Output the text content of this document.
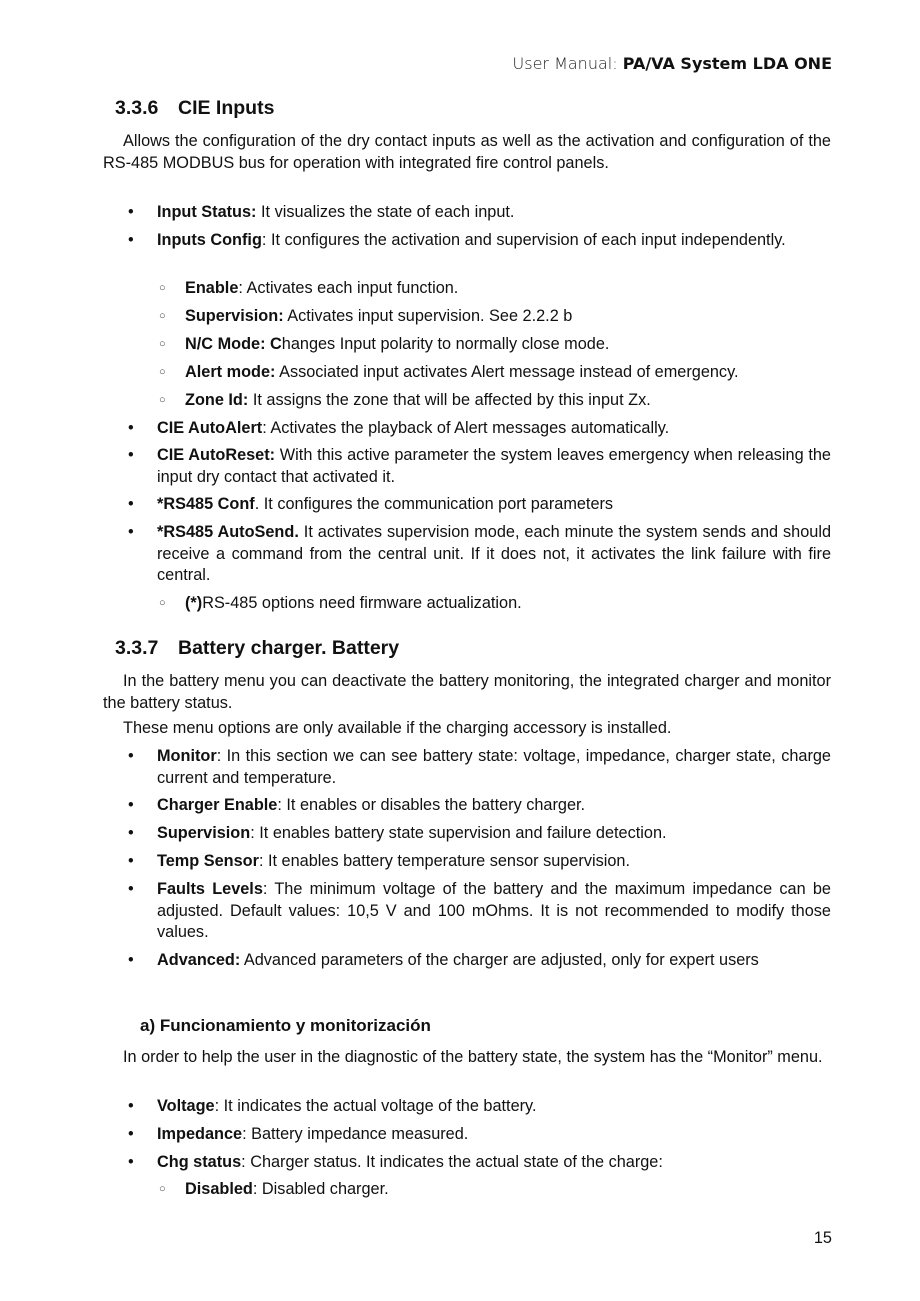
User Manual: PA/VA System LDA ONE
3.3.6 CIE Inputs
Allows the configuration of the dry contact inputs as well as the activation and configuration of the RS-485 MODBUS bus for operation with integrated fire control panels.
• Input Status: It visualizes the state of each input.
• Inputs Config: It configures the activation and supervision of each input independently.
○ Enable: Activates each input function.
○ Supervision: Activates input supervision. See 2.2.2 b
○ N/C Mode: Changes Input polarity to normally close mode.
○ Alert mode: Associated input activates Alert message instead of emergency.
○ Zone Id: It assigns the zone that will be affected by this input Zx.
• CIE AutoAlert: Activates the playback of Alert messages automatically.
• CIE AutoReset: With this active parameter the system leaves emergency when releasing the input dry contact that activated it.
• *RS485 Conf. It configures the communication port parameters
• *RS485 AutoSend. It activates supervision mode, each minute the system sends and should receive a command from the central unit. If it does not, it activates the link failure with fire central.
○ (*)RS-485 options need firmware actualization.
3.3.7 Battery charger. Battery
In the battery menu you can deactivate the battery monitoring, the integrated charger and monitor the battery status.
These menu options are only available if the charging accessory is installed.
• Monitor: In this section we can see battery state: voltage, impedance, charger state, charge current and temperature.
• Charger Enable: It enables or disables the battery charger.
• Supervision: It enables battery state supervision and failure detection.
• Temp Sensor: It enables battery temperature sensor supervision.
• Faults Levels: The minimum voltage of the battery and the maximum impedance can be adjusted. Default values: 10,5 V and 100 mOhms. It is not recommended to modify those values.
• Advanced: Advanced parameters of the charger are adjusted, only for expert users
a) Funcionamiento y monitorización
In order to help the user in the diagnostic of the battery state, the system has the “Monitor” menu.
• Voltage: It indicates the actual voltage of the battery.
• Impedance: Battery impedance measured.
• Chg status: Charger status. It indicates the actual state of the charge:
○ Disabled: Disabled charger.
15
